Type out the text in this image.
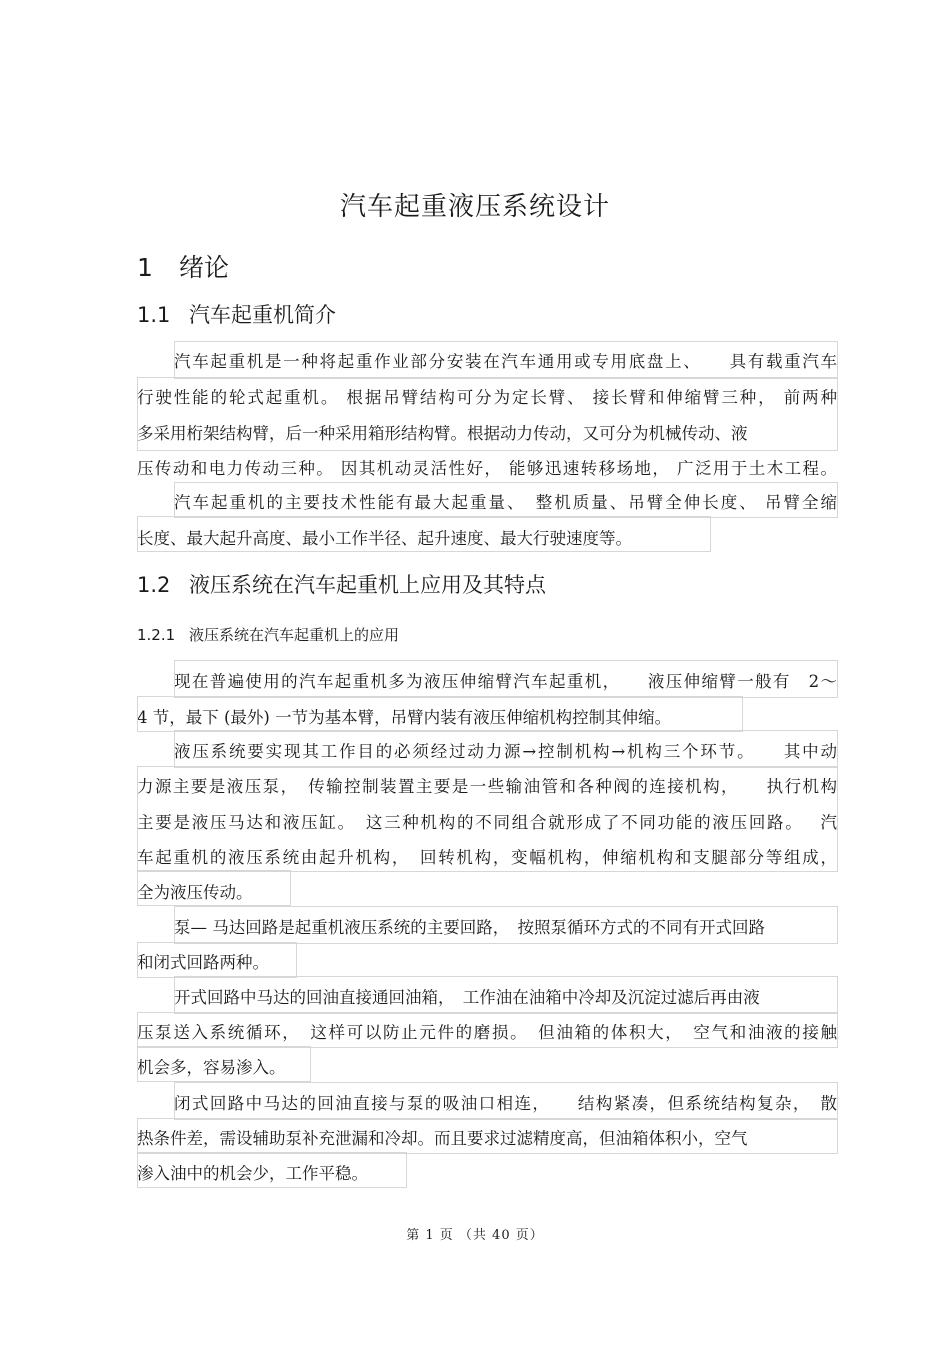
汽车起重液压系统设计
1 绪论
1.1 汽车起重机简介

汽车起重机是一种将起重作业部分安装在汽车通用或专用底盘上、　　具有载重汽车

行驶性能的轮式起重机。 根据吊臂结构可分为定长臂、 接长臂和伸缩臂三种， 前两种

多采用桁架结构臂，后一种采用箱形结构臂。根据动力传动，又可分为机械传动、液

压传动和电力传动三种。 因其机动灵活性好， 能够迅速转移场地， 广泛用于土木工程。

汽车起重机的主要技术性能有最大起重量、　整机质量、吊臂全伸长度、 吊臂全缩

长度、最大起升高度、最小工作半径、起升速度、最大行驶速度等。

1.2 液压系统在汽车起重机上应用及其特点
1.2.1 液压系统在汽车起重机上的应用

现在普遍使用的汽车起重机多为液压伸缩臂汽车起重机，　　液压伸缩臂一般有　2～

4 节，最下 (最外) 一节为基本臂，吊臂内装有液压伸缩机构控制其伸缩。

液压系统要实现其工作目的必须经过动力源→控制机构→机构三个环节。　　其中动

力源主要是液压泵，　传输控制装置主要是一些输油管和各种阀的连接机构，　　执行机构

主要是液压马达和液压缸。　这三种机构的不同组合就形成了不同功能的液压回路。　 汽

车起重机的液压系统由起升机构，　回转机构，变幅机构，伸缩机构和支腿部分等组成，

全为液压传动。

泵— 马达回路是起重机液压系统的主要回路，　按照泵循环方式的不同有开式回路

和闭式回路两种。

开式回路中马达的回油直接通回油箱，　工作油在油箱中冷却及沉淀过滤后再由液

压泵送入系统循环，　这样可以防止元件的磨损。　但油箱的体积大，　空气和油液的接触

机会多，容易渗入。

闭式回路中马达的回油直接与泵的吸油口相连，　　结构紧凑，但系统结构复杂，　散

热条件差，需设辅助泵补充泄漏和冷却。而且要求过滤精度高，但油箱体积小，空气

渗入油中的机会少，工作平稳。

第 1 页 （共 40 页）
